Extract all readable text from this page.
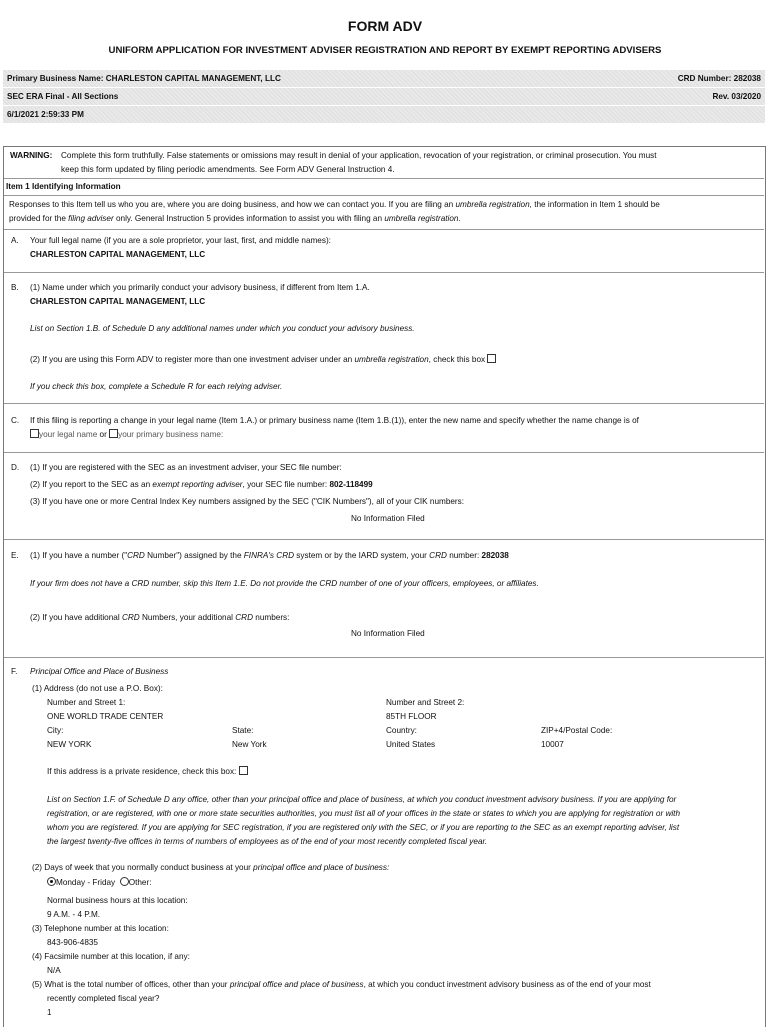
FORM ADV
UNIFORM APPLICATION FOR INVESTMENT ADVISER REGISTRATION AND REPORT BY EXEMPT REPORTING ADVISERS
Primary Business Name: CHARLESTON CAPITAL MANAGEMENT, LLC	CRD Number: 282038
SEC ERA Final - All Sections	Rev. 03/2020
6/1/2021 2:59:33 PM
WARNING: Complete this form truthfully. False statements or omissions may result in denial of your application, revocation of your registration, or criminal prosecution. You must
keep this form updated by filing periodic amendments. See Form ADV General Instruction 4.
Item 1 Identifying Information
Responses to this Item tell us who you are, where you are doing business, and how we can contact you. If you are filing an umbrella registration, the information in Item 1 should be
provided for the filing adviser only. General Instruction 5 provides information to assist you with filing an umbrella registration.
A. Your full legal name (if you are a sole proprietor, your last, first, and middle names):
CHARLESTON CAPITAL MANAGEMENT, LLC
B. (1) Name under which you primarily conduct your advisory business, if different from Item 1.A.
CHARLESTON CAPITAL MANAGEMENT, LLC
List on Section 1.B. of Schedule D any additional names under which you conduct your advisory business.
(2) If you are using this Form ADV to register more than one investment adviser under an umbrella registration, check this box
If you check this box, complete a Schedule R for each relying adviser.
C. If this filing is reporting a change in your legal name (Item 1.A.) or primary business name (Item 1.B.(1)), enter the new name and specify whether the name change is of
your legal name or your primary business name:
D. (1) If you are registered with the SEC as an investment adviser, your SEC file number:
(2) If you report to the SEC as an exempt reporting adviser, your SEC file number: 802-118499
(3) If you have one or more Central Index Key numbers assigned by the SEC ("CIK Numbers"), all of your CIK numbers:
No Information Filed
E. (1) If you have a number ("CRD Number") assigned by the FINRA's CRD system or by the IARD system, your CRD number: 282038
If your firm does not have a CRD number, skip this Item 1.E. Do not provide the CRD number of one of your officers, employees, or affiliates.
(2) If you have additional CRD Numbers, your additional CRD numbers:
No Information Filed
F. Principal Office and Place of Business
(1) Address (do not use a P.O. Box):
Number and Street 1:
ONE WORLD TRADE CENTER
Number and Street 2:
85TH FLOOR
City:
NEW YORK
State:
New York
Country:
United States
ZIP+4/Postal Code:
10007
If this address is a private residence, check this box:
List on Section 1.F. of Schedule D any office, other than your principal office and place of business, at which you conduct investment advisory business. If you are applying for
registration, or are registered, with one or more state securities authorities, you must list all of your offices in the state or states to which you are applying for registration or with
whom you are registered. If you are applying for SEC registration, if you are registered only with the SEC, or if you are reporting to the SEC as an exempt reporting adviser, list
the largest twenty-five offices in terms of numbers of employees as of the end of your most recently completed fiscal year.
(2) Days of week that you normally conduct business at your principal office and place of business:
Monday - Friday Other:
Normal business hours at this location:
9 A.M. - 4 P.M.
(3) Telephone number at this location:
843-906-4835
(4) Facsimile number at this location, if any:
N/A
(5) What is the total number of offices, other than your principal office and place of business, at which you conduct investment advisory business as of the end of your most
recently completed fiscal year?
1
